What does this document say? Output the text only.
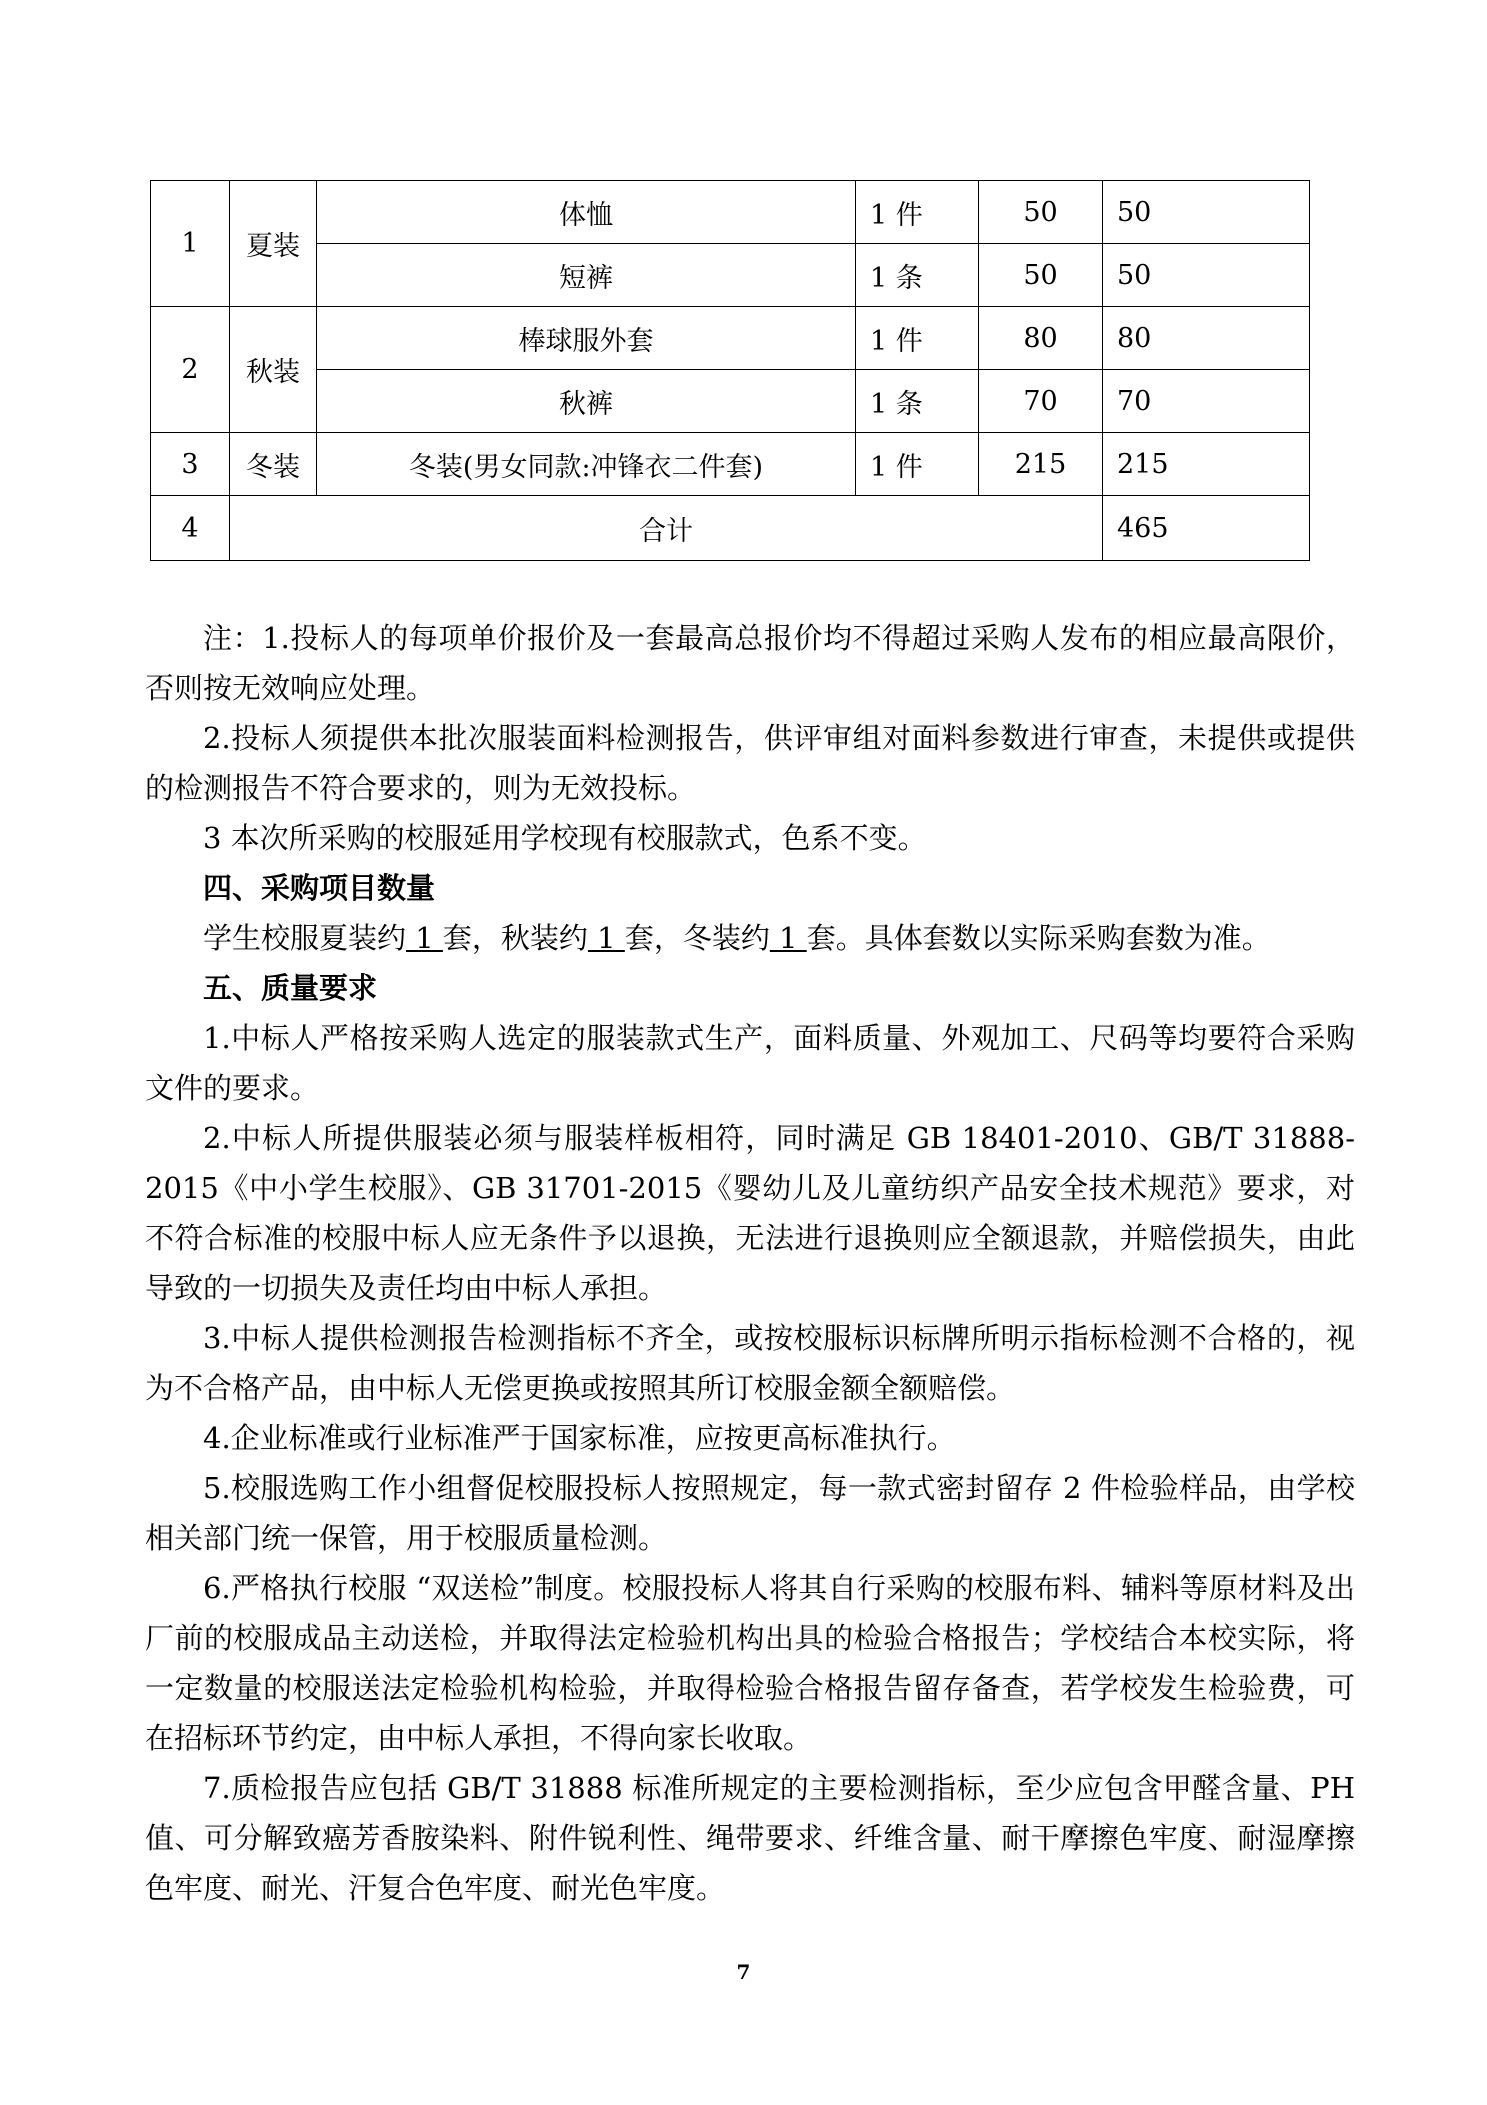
1	夏装	体恤	1 件	50	50
		短裤	1 条	50	50
2	秋装	棒球服外套	1 件	80	80
		秋裤	1 条	70	70
3	冬装	冬装(男女同款:冲锋衣二件套)	1 件	215	215
4	合计				465

注：1.投标人的每项单价报价及一套最高总报价均不得超过采购人发布的相应最高限价，否则按无效响应处理。

2.投标人须提供本批次服装面料检测报告，供评审组对面料参数进行审查，未提供或提供的检测报告不符合要求的，则为无效投标。

3 本次所采购的校服延用学校现有校服款式，色系不变。

四、采购项目数量

学生校服夏装约 1 套，秋装约 1 套，冬装约 1 套。具体套数以实际采购套数为准。

五、质量要求

1.中标人严格按采购人选定的服装款式生产，面料质量、外观加工、尺码等均要符合采购文件的要求。

2.中标人所提供服装必须与服装样板相符，同时满足 GB 18401-2010、GB/T 31888-2015《中小学生校服》、GB 31701-2015《婴幼儿及儿童纺织产品安全技术规范》要求，对不符合标准的校服中标人应无条件予以退换，无法进行退换则应全额退款，并赔偿损失，由此导致的一切损失及责任均由中标人承担。

3.中标人提供检测报告检测指标不齐全，或按校服标识标牌所明示指标检测不合格的，视为不合格产品，由中标人无偿更换或按照其所订校服金额全额赔偿。

4.企业标准或行业标准严于国家标准，应按更高标准执行。

5.校服选购工作小组督促校服投标人按照规定，每一款式密封留存 2 件检验样品，由学校相关部门统一保管，用于校服质量检测。

6.严格执行校服 “双送检”制度。校服投标人将其自行采购的校服布料、辅料等原材料及出厂前的校服成品主动送检，并取得法定检验机构出具的检验合格报告；学校结合本校实际，将一定数量的校服送法定检验机构检验，并取得检验合格报告留存备查，若学校发生检验费，可在招标环节约定，由中标人承担，不得向家长收取。

7.质检报告应包括 GB/T 31888 标准所规定的主要检测指标，至少应包含甲醛含量、PH 值、可分解致癌芳香胺染料、附件锐利性、绳带要求、纤维含量、耐干摩擦色牢度、耐湿摩擦色牢度、耐光、汗复合色牢度、耐光色牢度。

7
